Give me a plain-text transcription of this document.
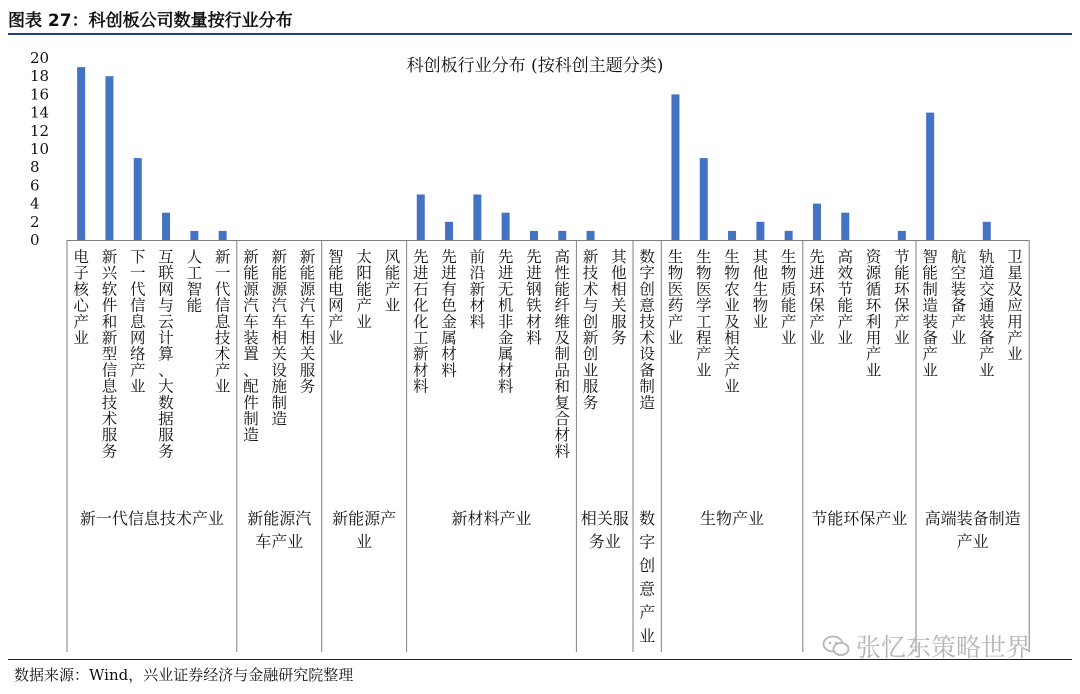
图表 27：科创板公司数量按行业分布
科创板行业分布 (按科创主题分类)
0
2
4
6
8
10
12
14
16
18
20
电子核心产业
新兴软件和新型信息技术服务
下一代信息网络产业
互联网与云计算、大数据服务
人工智能
新一代信息技术产业
新能源汽车装置、配件制造
新能源汽车相关设施制造
新能源汽车相关服务
智能电网产业
太阳能产业
风能产业
先进石化化工新材料
先进有色金属材料
前沿新材料
先进无机非金属材料
先进钢铁材料
高性能纤维及制品和复合材料
新技术与创新创业服务
其他相关服务
数字创意技术设备制造
生物医药产业
生物医学工程产业
生物农业及相关产业
其他生物业
生物质能产业
先进环保产业
高效节能产业
资源循环利用产业
节能环保产业
智能制造装备产业
航空装备产业
轨道交通装备产业
卫星及应用产业
新一代信息技术产业 新能源汽车产业
新能源产业
新材料产业	相关服务业
数字创意产业
生物产业	节能环保产业 高端装备制造产业
数据来源：Wind，兴业证券经济与金融研究院整理
张忆东策略世界
